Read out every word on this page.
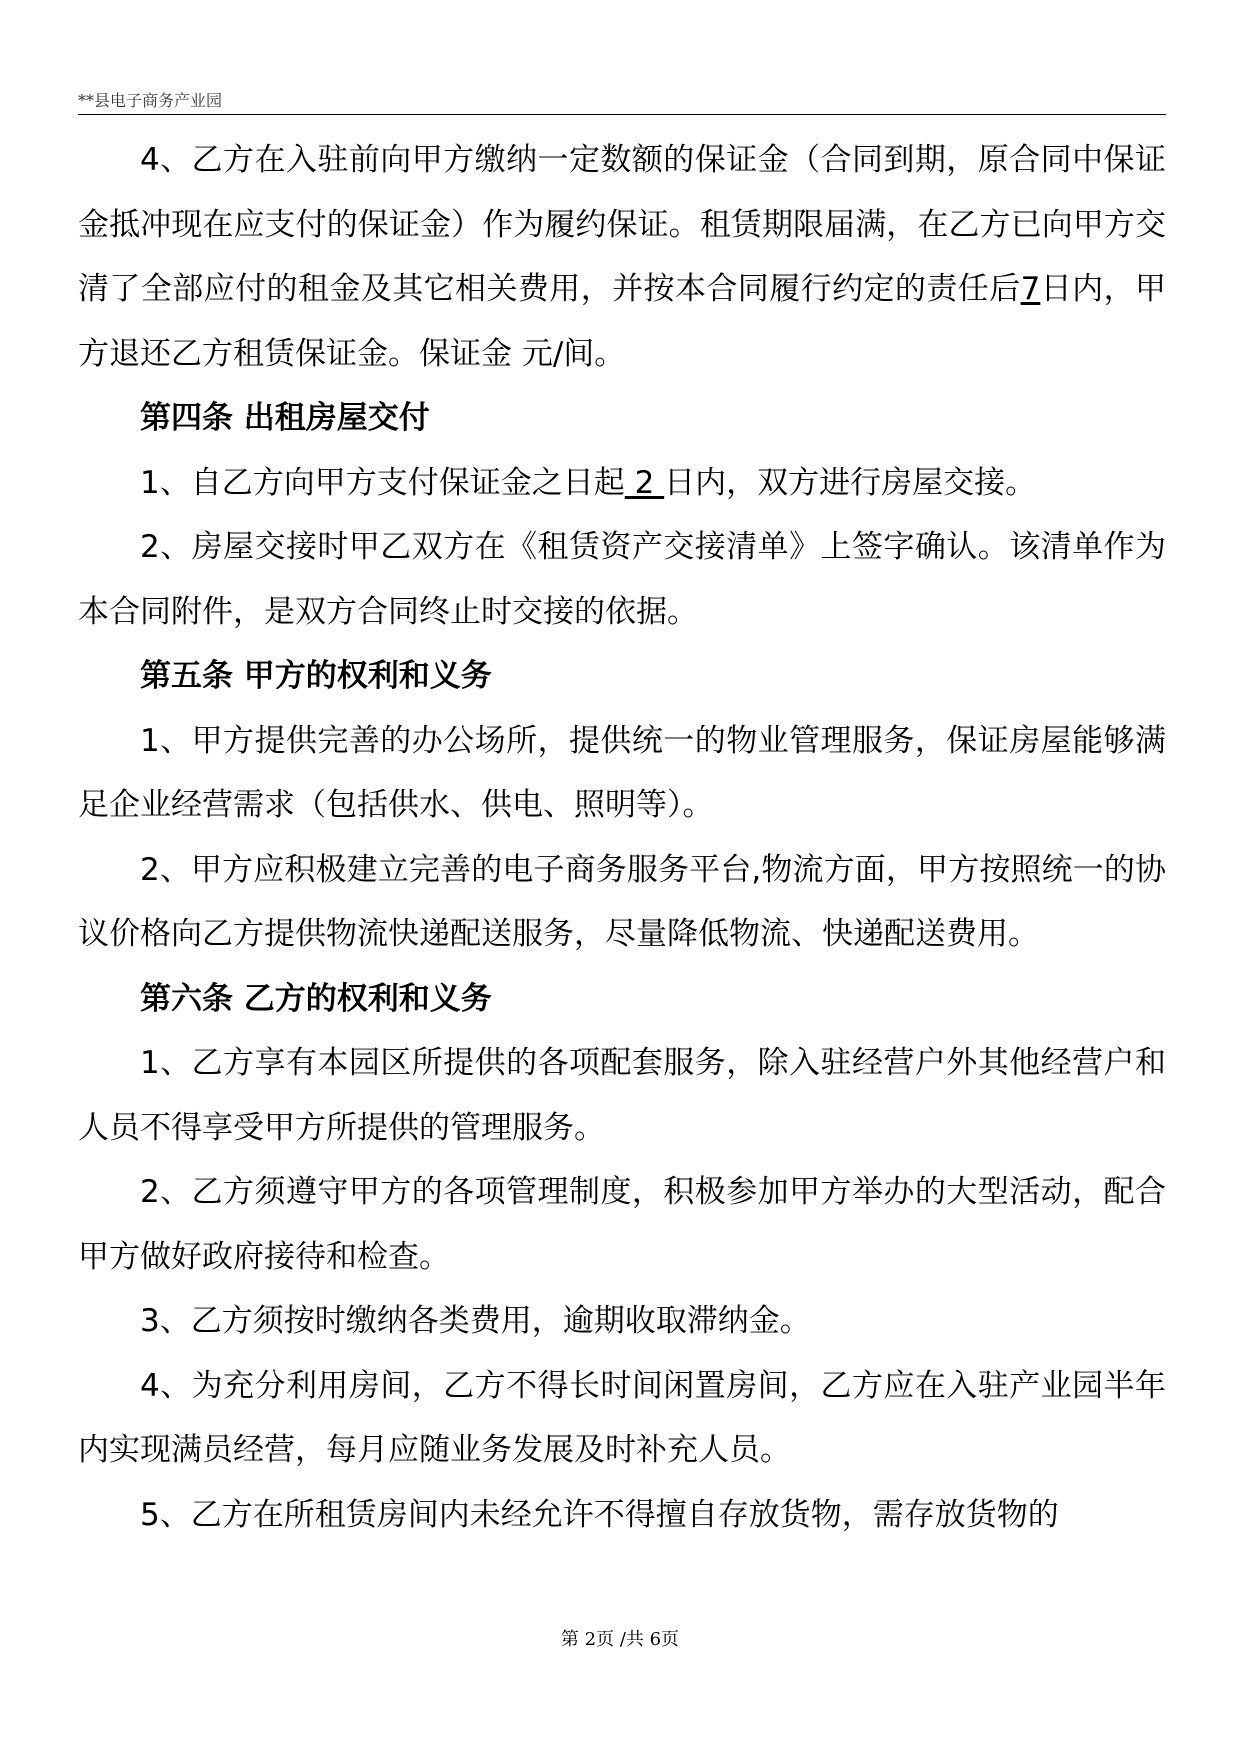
**县电子商务产业园

4、乙方在入驻前向甲方缴纳一定数额的保证金（合同到期，原合同中保证金抵冲现在应支付的保证金）作为履约保证。租赁期限届满，在乙方已向甲方交清了全部应付的租金及其它相关费用，并按本合同履行约定的责任后7日内，甲方退还乙方租赁保证金。保证金 元/间。

第四条 出租房屋交付

1、自乙方向甲方支付保证金之日起 2 日内，双方进行房屋交接。

2、房屋交接时甲乙双方在《租赁资产交接清单》上签字确认。该清单作为本合同附件，是双方合同终止时交接的依据。

第五条 甲方的权利和义务

1、甲方提供完善的办公场所，提供统一的物业管理服务，保证房屋能够满足企业经营需求（包括供水、供电、照明等）。

2、甲方应积极建立完善的电子商务服务平台,物流方面，甲方按照统一的协议价格向乙方提供物流快递配送服务，尽量降低物流、快递配送费用。

第六条 乙方的权利和义务

1、乙方享有本园区所提供的各项配套服务，除入驻经营户外其他经营户和人员不得享受甲方所提供的管理服务。

2、乙方须遵守甲方的各项管理制度，积极参加甲方举办的大型活动，配合甲方做好政府接待和检查。

3、乙方须按时缴纳各类费用，逾期收取滞纳金。

4、为充分利用房间，乙方不得长时间闲置房间，乙方应在入驻产业园半年内实现满员经营，每月应随业务发展及时补充人员。

5、乙方在所租赁房间内未经允许不得擅自存放货物，需存放货物的

第 2页 /共 6页
